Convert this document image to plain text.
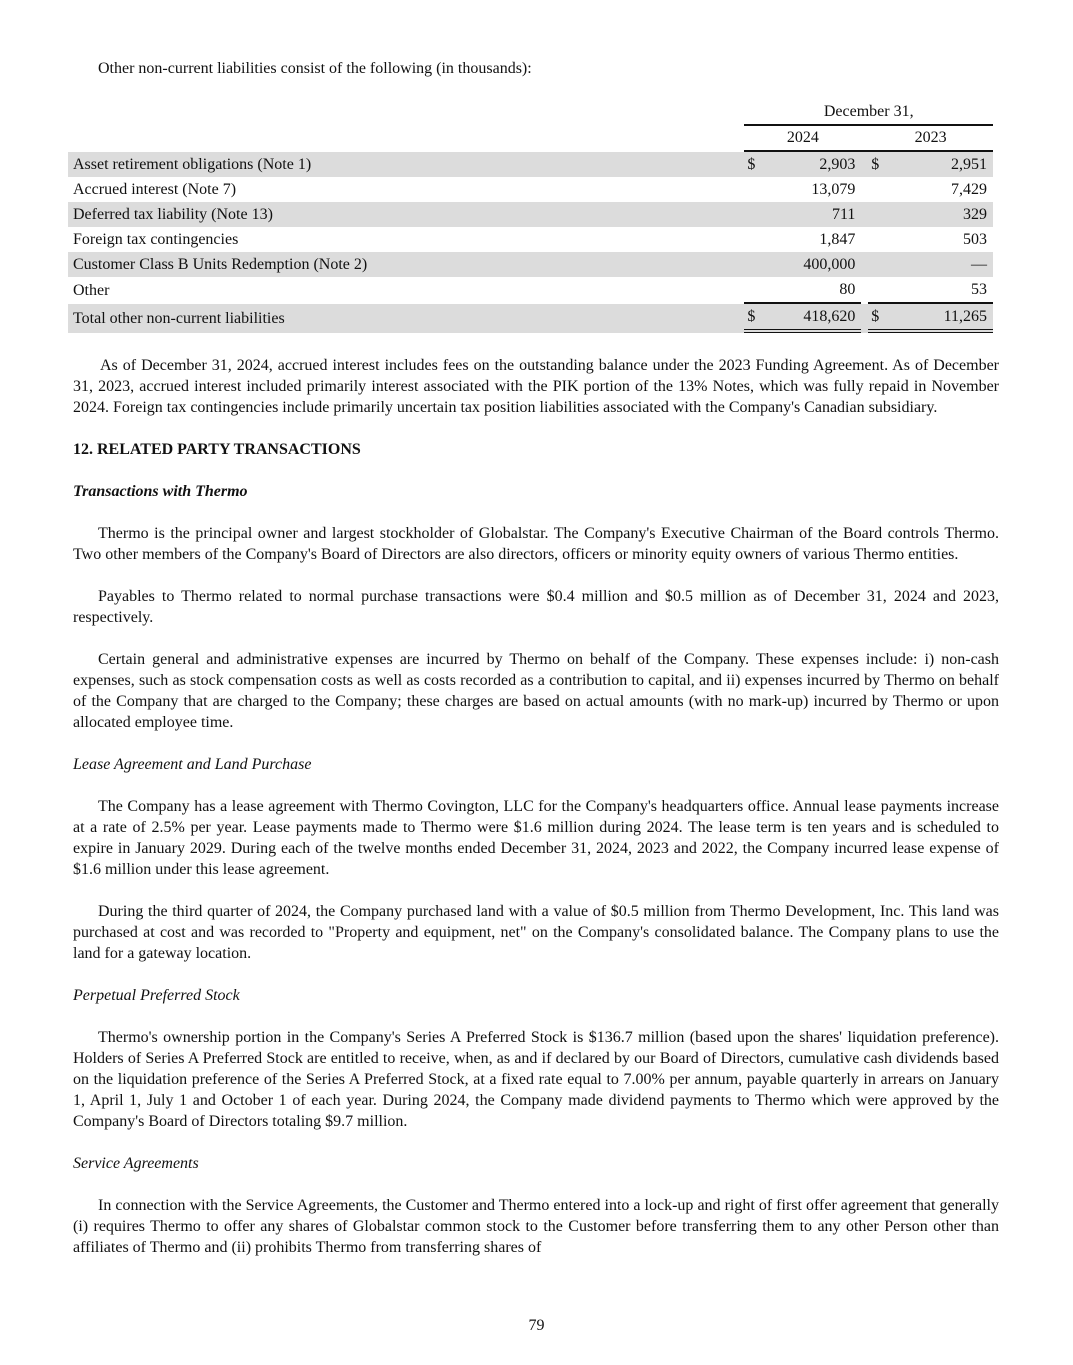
Other non-current liabilities consist of the following (in thousands):

	December 31,				
	2024			2023	
Asset retirement obligations (Note 1)	$	2,903		$	2,951
Accrued interest (Note 7)		13,079			7,429
Deferred tax liability (Note 13)		711			329
Foreign tax contingencies		1,847			503
Customer Class B Units Redemption (Note 2)		400,000			—
Other		80			53
Total other non-current liabilities	$	418,620		$	11,265

As of December 31, 2024, accrued interest includes fees on the outstanding balance under the 2023 Funding Agreement. As of December 31, 2023, accrued interest included primarily interest associated with the PIK portion of the 13% Notes, which was fully repaid in November 2024. Foreign tax contingencies include primarily uncertain tax position liabilities associated with the Company's Canadian subsidiary.

12. RELATED PARTY TRANSACTIONS
Transactions with Thermo

Thermo is the principal owner and largest stockholder of Globalstar. The Company's Executive Chairman of the Board controls Thermo. Two other members of the Company's Board of Directors are also directors, officers or minority equity owners of various Thermo entities.

Payables to Thermo related to normal purchase transactions were $0.4 million and $0.5 million as of December 31, 2024 and 2023, respectively.

Certain general and administrative expenses are incurred by Thermo on behalf of the Company. These expenses include: i) non-cash expenses, such as stock compensation costs as well as costs recorded as a contribution to capital, and ii) expenses incurred by Thermo on behalf of the Company that are charged to the Company; these charges are based on actual amounts (with no mark-up) incurred by Thermo or upon allocated employee time.

Lease Agreement and Land Purchase

The Company has a lease agreement with Thermo Covington, LLC for the Company's headquarters office. Annual lease payments increase at a rate of 2.5% per year. Lease payments made to Thermo were $1.6 million during 2024. The lease term is ten years and is scheduled to expire in January 2029. During each of the twelve months ended December 31, 2024, 2023 and 2022, the Company incurred lease expense of $1.6 million under this lease agreement.

During the third quarter of 2024, the Company purchased land with a value of $0.5 million from Thermo Development, Inc. This land was purchased at cost and was recorded to "Property and equipment, net" on the Company's consolidated balance. The Company plans to use the land for a gateway location.

Perpetual Preferred Stock

Thermo's ownership portion in the Company's Series A Preferred Stock is $136.7 million (based upon the shares' liquidation preference). Holders of Series A Preferred Stock are entitled to receive, when, as and if declared by our Board of Directors, cumulative cash dividends based on the liquidation preference of the Series A Preferred Stock, at a fixed rate equal to 7.00% per annum, payable quarterly in arrears on January 1, April 1, July 1 and October 1 of each year. During 2024, the Company made dividend payments to Thermo which were approved by the Company's Board of Directors totaling $9.7 million.

Service Agreements

In connection with the Service Agreements, the Customer and Thermo entered into a lock-up and right of first offer agreement that generally (i) requires Thermo to offer any shares of Globalstar common stock to the Customer before transferring them to any other Person other than affiliates of Thermo and (ii) prohibits Thermo from transferring shares of

79
